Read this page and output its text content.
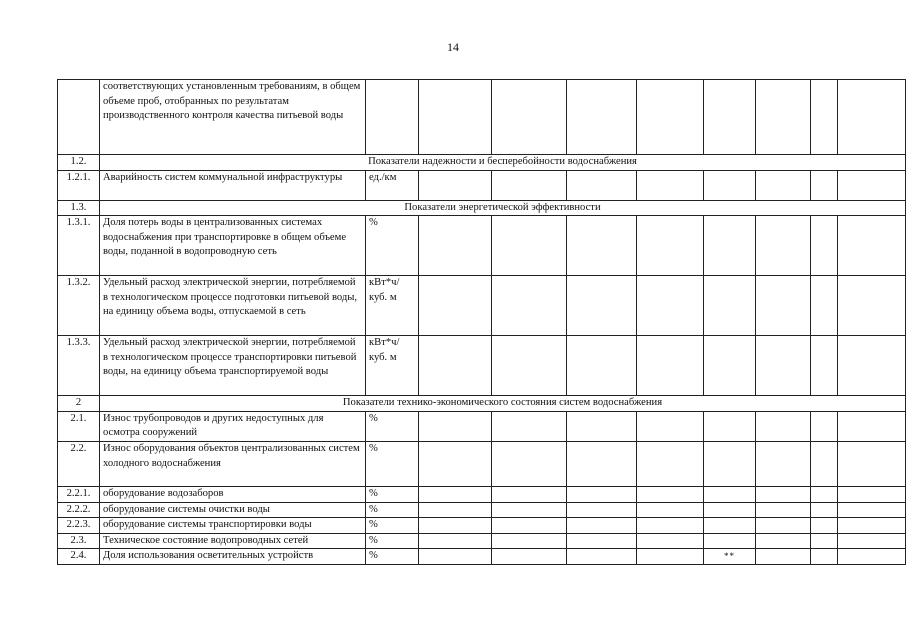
14
	соответствующих установленным требованиям, в общем объеме проб, отобранных по результатам производственного контроля качества питьевой воды									
1.2.	Показатели надежности и бесперебойности водоснабжения									
1.2.1.	Аварийность систем коммунальной инфраструктуры	ед./км								
1.3.	Показатели энергетической эффективности									
1.3.1.	Доля потерь воды в централизованных системах водоснабжения при транспортировке в общем объеме воды, поданной в водопроводную сеть	%								
1.3.2.	Удельный расход электрической энергии, потребляемой в технологическом процессе подготовки питьевой воды, на единицу объема воды, отпускаемой в сеть	кВт*ч/ куб. м								
1.3.3.	Удельный расход электрической энергии, потребляемой в технологическом процессе транспортировки питьевой воды, на единицу объема транспортируемой воды	кВт*ч/ куб. м								
2	Показатели технико-экономического состояния систем водоснабжения									
2.1.	Износ трубопроводов и других недоступных для осмотра сооружений	%								
2.2.	Износ оборудования объектов централизованных систем холодного водоснабжения	%								
2.2.1.	оборудование водозаборов	%								
2.2.2.	оборудование системы очистки воды	%								
2.2.3.	оборудование системы транспортировки воды	%								
2.3.	Техническое состояние водопроводных сетей	%								
2.4.	Доля использования осветительных устройств	%					**			
